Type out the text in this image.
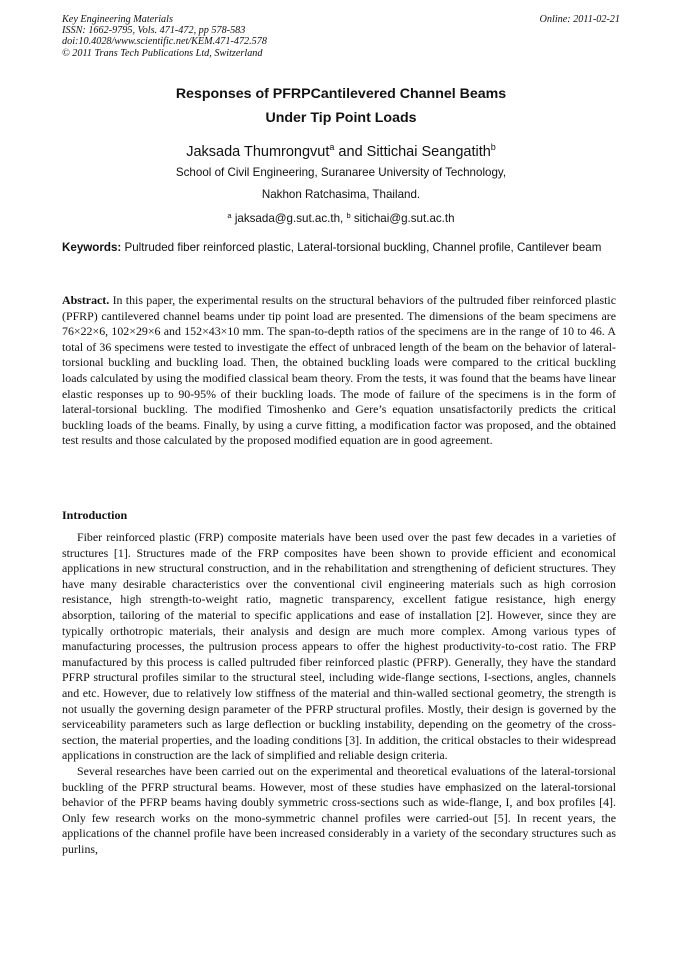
Key Engineering Materials
ISSN: 1662-9795, Vols. 471-472, pp 578-583
doi:10.4028/www.scientific.net/KEM.471-472.578
© 2011 Trans Tech Publications Ltd, Switzerland
Online: 2011-02-21
Responses of PFRPCantilevered Channel Beams
Under Tip Point Loads
Jaksada Thumrongvut$^a$ and Sittichai Seangatith$^b$
School of Civil Engineering, Suranaree University of Technology,
Nakhon Ratchasima, Thailand.
$^a$ jaksada@g.sut.ac.th, $^b$ sitichai@g.sut.ac.th
Keywords: Pultruded fiber reinforced plastic, Lateral-torsional buckling, Channel profile, Cantilever beam
Abstract. In this paper, the experimental results on the structural behaviors of the pultruded fiber reinforced plastic (PFRP) cantilevered channel beams under tip point load are presented. The dimensions of the beam specimens are 76×22×6, 102×29×6 and 152×43×10 mm. The span-to-depth ratios of the specimens are in the range of 10 to 46. A total of 36 specimens were tested to investigate the effect of unbraced length of the beam on the behavior of lateral-torsional buckling and buckling load. Then, the obtained buckling loads were compared to the critical buckling loads calculated by using the modified classical beam theory. From the tests, it was found that the beams have linear elastic responses up to 90-95% of their buckling loads. The mode of failure of the specimens is in the form of lateral-torsional buckling. The modified Timoshenko and Gere’s equation unsatisfactorily predicts the critical buckling loads of the beams. Finally, by using a curve fitting, a modification factor was proposed, and the obtained test results and those calculated by the proposed modified equation are in good agreement.
Introduction

Fiber reinforced plastic (FRP) composite materials have been used over the past few decades in a varieties of structures [1]. Structures made of the FRP composites have been shown to provide efficient and economical applications in new structural construction, and in the rehabilitation and strengthening of deficient structures. They have many desirable characteristics over the conventional civil engineering materials such as high corrosion resistance, high strength-to-weight ratio, magnetic transparency, excellent fatigue resistance, high energy absorption, tailoring of the material to specific applications and ease of installation [2]. However, since they are typically orthotropic materials, their analysis and design are much more complex. Among various types of manufacturing processes, the pultrusion process appears to offer the highest productivity-to-cost ratio. The FRP manufactured by this process is called pultruded fiber reinforced plastic (PFRP). Generally, they have the standard PFRP structural profiles similar to the structural steel, including wide-flange sections, I-sections, angles, channels and etc. However, due to relatively low stiffness of the material and thin-walled sectional geometry, the strength is not usually the governing design parameter of the PFRP structural profiles. Mostly, their design is governed by the serviceability parameters such as large deflection or buckling instability, depending on the geometry of the cross-section, the material properties, and the loading conditions [3]. In addition, the critical obstacles to their widespread applications in construction are the lack of simplified and reliable design criteria.

Several researches have been carried out on the experimental and theoretical evaluations of the lateral-torsional buckling of the PFRP structural beams. However, most of these studies have emphasized on the lateral-torsional behavior of the PFRP beams having doubly symmetric cross-sections such as wide-flange, I, and box profiles [4]. Only few research works on the mono-symmetric channel profiles were carried-out [5]. In recent years, the applications of the channel profile have been increased considerably in a variety of the secondary structures such as purlins,
